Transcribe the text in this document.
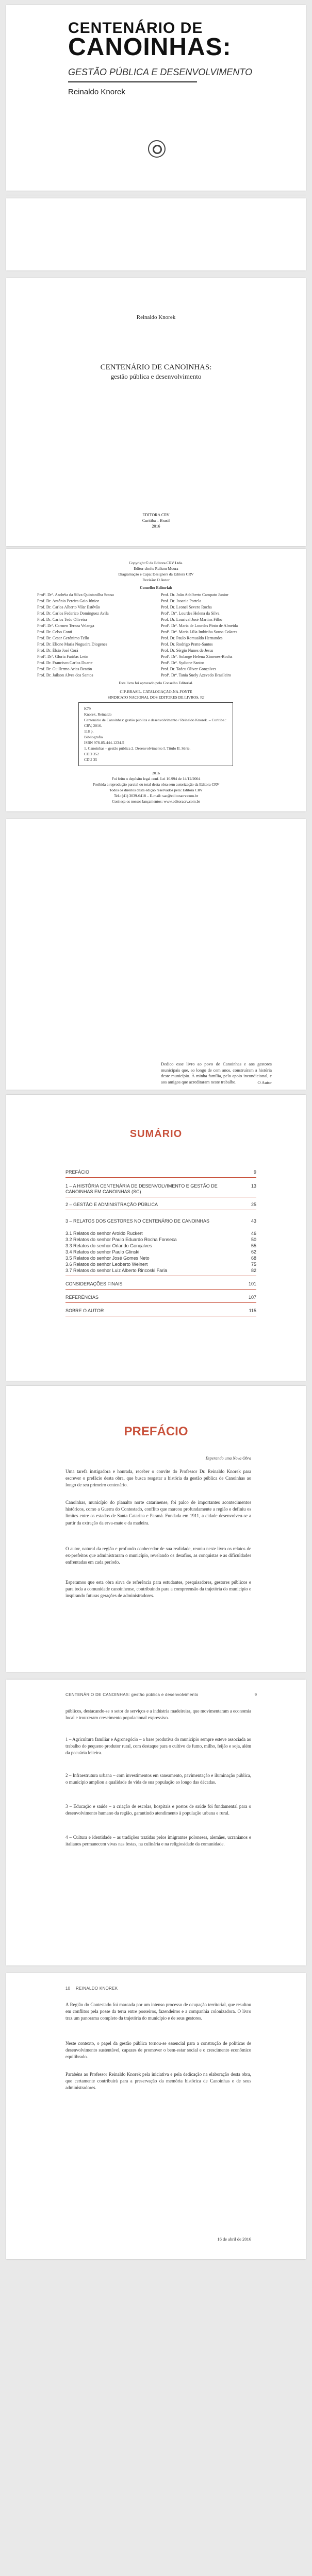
CENTENÁRIO DE
CANOINHAS:
GESTÃO PÚBLICA E DESENVOLVIMENTO
Reinaldo Knorek
Reinaldo Knorek
CENTENÁRIO DE CANOINHAS:
gestão pública e desenvolvimento
EDITORA CRV
Curitiba – Brasil
2016
Copyright © da Editora CRV Ltda.
Editor-chefe: Railson Moura
Diagramação e Capa: Designers da Editora CRV
Revisão: O Autor
Conselho Editorial:
Profª. Drª. Andréia da Silva Quintanilha Sousa
Prof. Dr. Antônio Pereira Gaio Júnior
Prof. Dr. Carlos Alberto Vilar Estêvão
Prof. Dr. Carlos Federico Dominguez Avila
Prof. Dr. Carlos Tedo Oliveira
Profª. Drª. Carmen Tereza Velanga
Prof. Dr. Celso Conti
Prof. Dr. Cesar Gerónimo Tello
Prof. Dr. Elione Maria Nogueira Diogenes
Prof. Dr. Élsio José Corá
Profª. Drª. Gloria Fariñas León
Prof. Dr. Francisco Carlos Duarte
Prof. Dr. Guillermo Arias Beatón
Prof. Dr. Jailson Alves dos Santos
Prof. Dr. João Adalberto Campato Junior
Prof. Dr. Josania Portela
Prof. Dr. Leonel Severo Rocha
Profª. Drª. Lourdes Helena da Silva
Prof. Dr. Lourival José Martins Filho
Profª. Drª. Maria de Lourdes Pinto de Almeida
Profª. Drª. Maria Lília Imbiriba Sousa Colares
Prof. Dr. Paulo Romualdo Hernandes
Prof. Dr. Rodrigo Pratte-Santos
Prof. Dr. Sérgio Nunes de Jesus
Profª. Drª. Solange Helena Ximenes-Rocha
Profª. Drª. Sydione Santos
Prof. Dr. Tadeu Oliver Gonçalves
Profª. Drª. Tania Suely Azevedo Brasileiro
Este livro foi aprovado pelo Conselho Editorial.
CIP-BRASIL. CATALOGAÇÃO-NA-FONTE
SINDICATO NACIONAL DOS EDITORES DE LIVROS, RJ
K79
Knorek, Reinaldo
Centenário de Canoinhas: gestão pública e desenvolvimento / Reinaldo Knorek. – Curitiba : CRV, 2016.
118 p.
Bibliografia
ISBN 978-85-444-1234-5
1. Canoinhas – gestão pública 2. Desenvolvimento I. Título II. Série.
CDD 352
CDU 35
2016
Foi feito o depósito legal conf. Lei 10.994 de 14/12/2004
Proibida a reprodução parcial ou total desta obra sem autorização da Editora CRV
Todos os direitos desta edição reservados pela: Editora CRV
Tel.: (41) 3039-6418 – E-mail: sac@editoracrv.com.br
Conheça os nossos lançamentos: www.editoracrv.com.br
Dedico esse livro ao povo de Canoinhas e aos gestores municipais que, ao longo de cem anos, construíram a história deste município. À minha família, pelo apoio incondicional, e aos amigos que acreditaram neste trabalho.	O Autor
SUMÁRIO
PREFÁCIO	9
1 – A HISTÓRIA CENTENÁRIA DE DESENVOLVIMENTO E GESTÃO DE CANOINHAS EM CANOINHAS (SC)
13
2 – GESTÃO E ADMINISTRAÇÃO PÚBLICA	25
3 – RELATOS DOS GESTORES NO CENTENÁRIO DE CANOINHAS	43
3.1 Relatos do senhor Aroldo Ruckert	46
3.2 Relatos do senhor Paulo Eduardo Rocha Fonseca	50
3.3 Relatos do senhor Orlando Gonçalves	55
3.4 Relatos do senhor Paulo Glinski	62
3.5 Relatos do senhor José Gomes Neto	68
3.6 Relatos do senhor Leoberto Weinert	75
3.7 Relatos do senhor Luiz Alberto Rincoski Faria	82
CONSIDERAÇÕES FINAIS	101
REFERÊNCIAS	107
SOBRE O AUTOR	115
PREFÁCIO
Esperando uma Nova Obra
Uma tarefa instigadora e honrada, receber o convite do Professor Dr. Reinaldo Knorek para escrever o prefácio desta obra, que busca resgatar a história da gestão pública de Canoinhas ao longo de seu primeiro centenário.
Canoinhas, município do planalto norte catarinense, foi palco de importantes acontecimentos históricos, como a Guerra do Contestado, conflito que marcou profundamente a região e definiu os limites entre os estados de Santa Catarina e Paraná. Fundada em 1911, a cidade desenvolveu-se a partir da extração da erva-mate e da madeira.
O autor, natural da região e profundo conhecedor de sua realidade, reuniu neste livro os relatos de ex-prefeitos que administraram o município, revelando os desafios, as conquistas e as dificuldades enfrentadas em cada período.
Esperamos que esta obra sirva de referência para estudantes, pesquisadores, gestores públicos e para toda a comunidade canoinhense, contribuindo para a compreensão da trajetória do município e inspirando futuras gerações de administradores.
CENTENÁRIO DE CANOINHAS: gestão pública e desenvolvimento	9
públicos, destacando-se o setor de serviços e a indústria madeireira, que movimentaram a economia local e trouxeram crescimento populacional expressivo.
1 – Agricultura familiar e Agronegócio – a base produtiva do município sempre esteve associada ao trabalho do pequeno produtor rural, com destaque para o cultivo de fumo, milho, feijão e soja, além da pecuária leiteira.
2 – Infraestrutura urbana – com investimentos em saneamento, pavimentação e iluminação pública, o município ampliou a qualidade de vida de sua população ao longo das décadas.
3 – Educação e saúde – a criação de escolas, hospitais e postos de saúde foi fundamental para o desenvolvimento humano da região, garantindo atendimento à população urbana e rural.
4 – Cultura e identidade – as tradições trazidas pelos imigrantes poloneses, alemães, ucranianos e italianos permanecem vivas nas festas, na culinária e na religiosidade da comunidade.
10 REINALDO KNOREK
A Região do Contestado foi marcada por um intenso processo de ocupação territorial, que resultou em conflitos pela posse da terra entre posseiros, fazendeiros e a companhia colonizadora. O livro traz um panorama completo da trajetória do município e de seus gestores.
Neste contexto, o papel da gestão pública tornou-se essencial para a construção de políticas de desenvolvimento sustentável, capazes de promover o bem-estar social e o crescimento econômico equilibrado.
Parabéns ao Professor Reinaldo Knorek pela iniciativa e pela dedicação na elaboração desta obra, que certamente contribuirá para a preservação da memória histórica de Canoinhas e de seus administradores.
16 de abril de 2016
